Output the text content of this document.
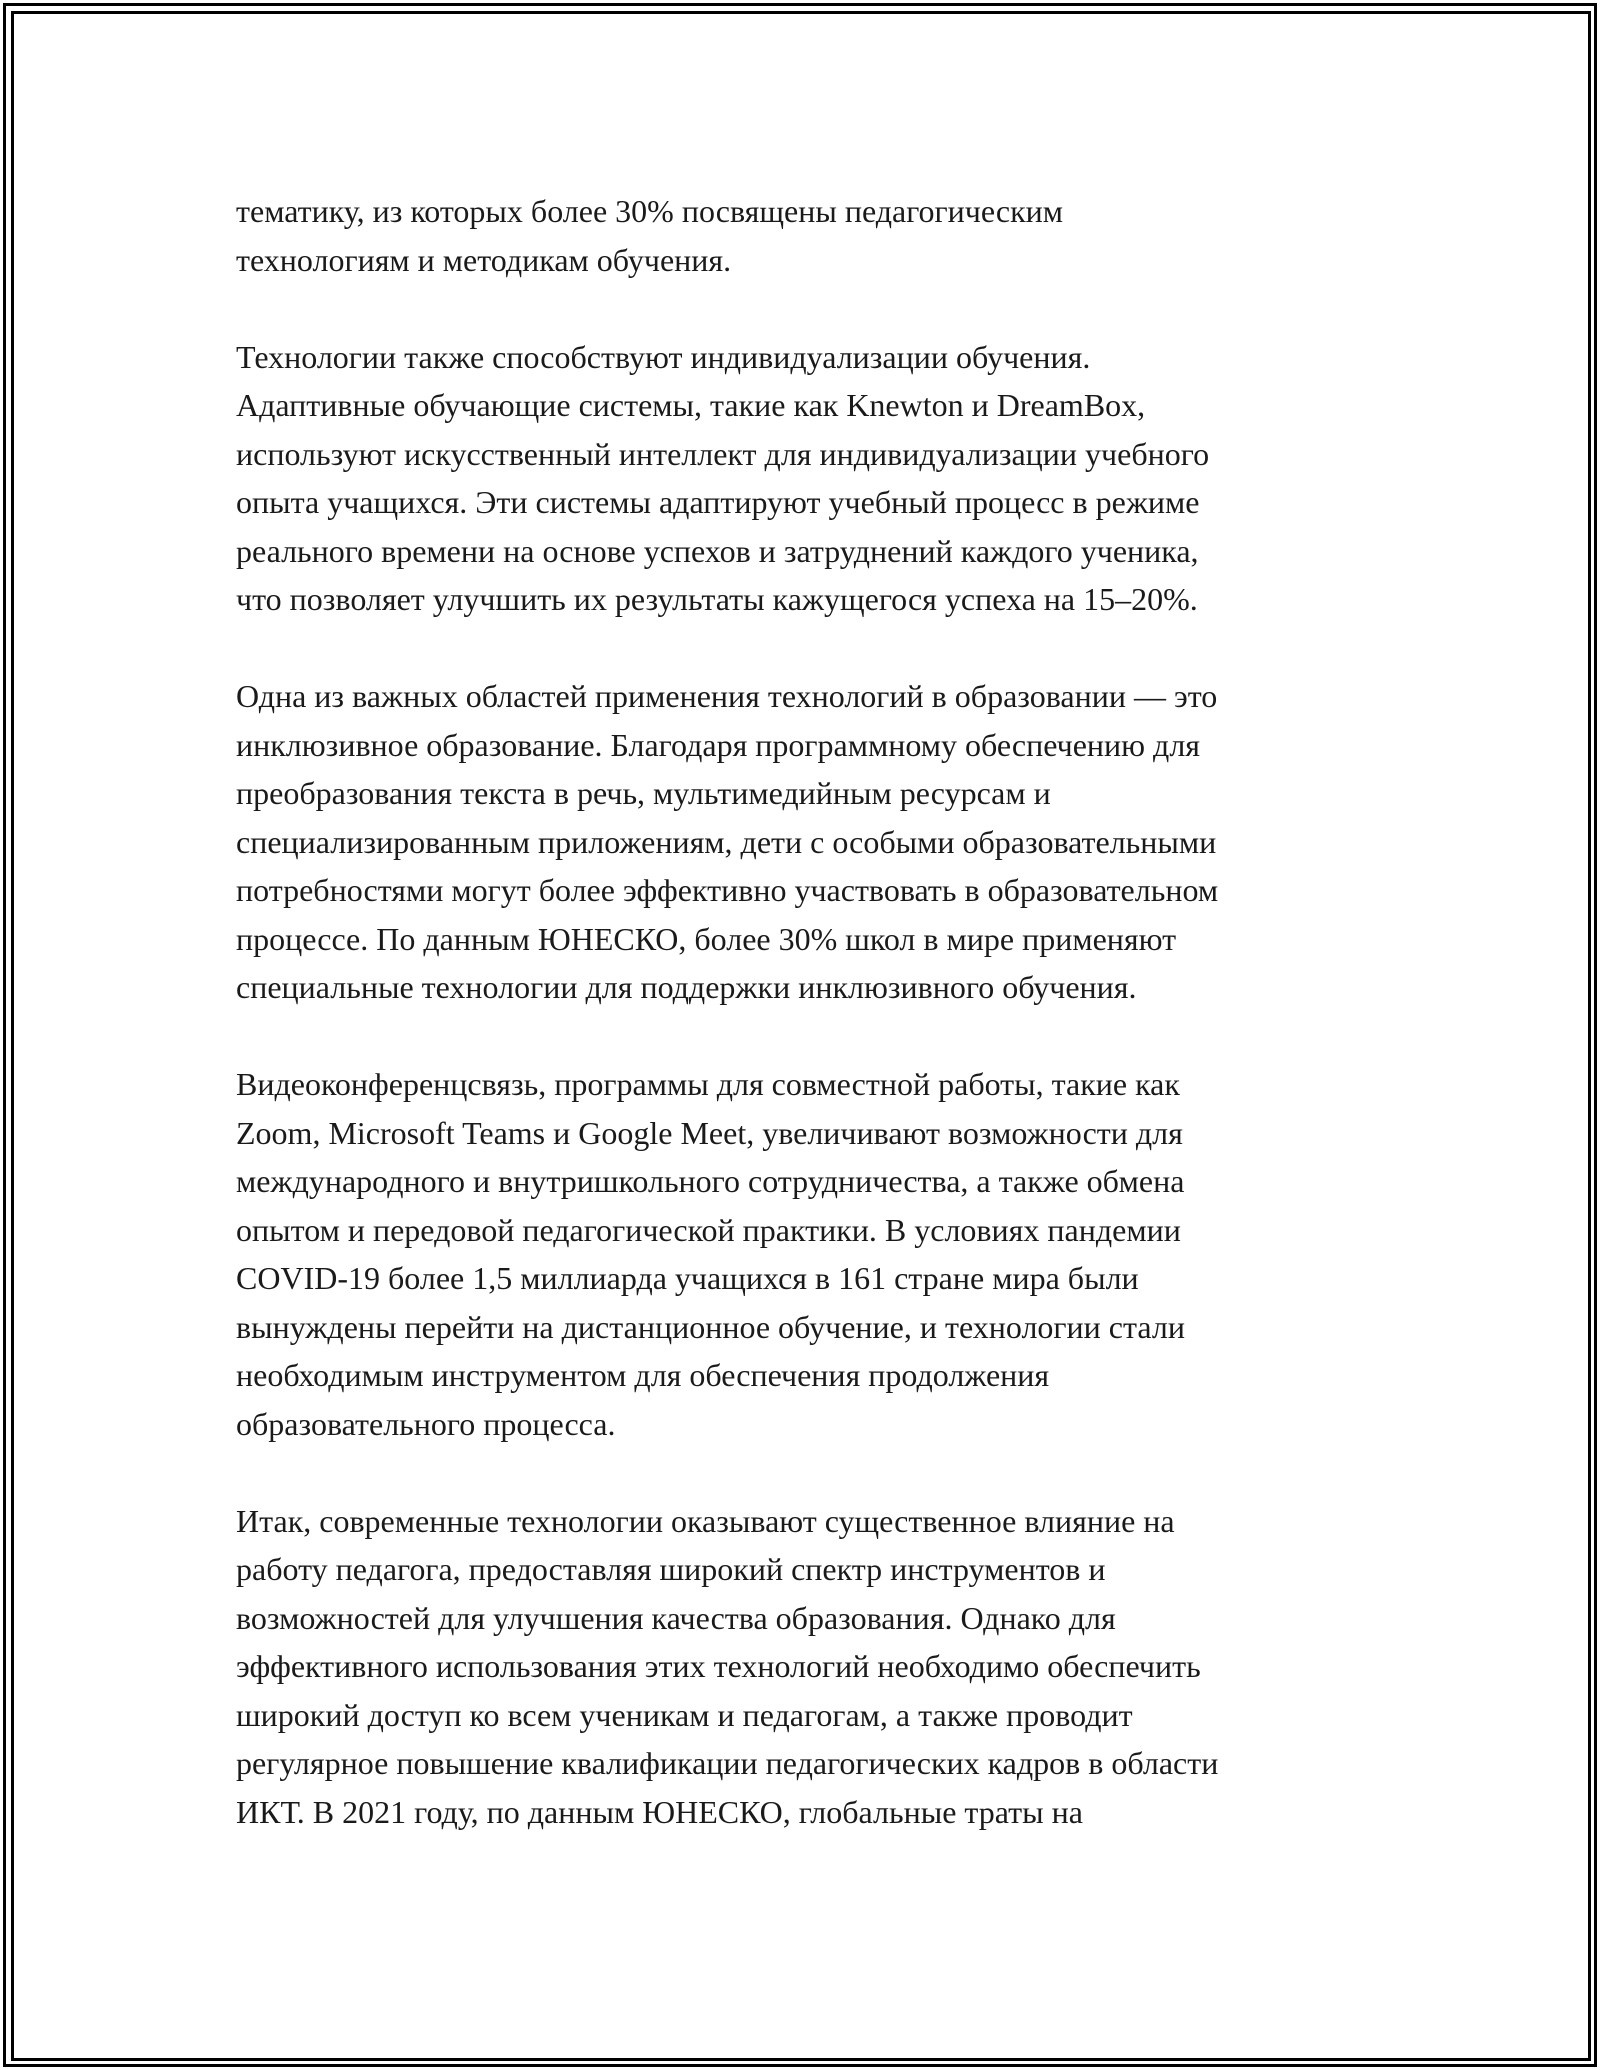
тематику, из которых более 30% посвящены педагогическим
технологиям и методикам обучения.

Технологии также способствуют индивидуализации обучения.
Адаптивные обучающие системы, такие как Knewton и DreamBox,
используют искусственный интеллект для индивидуализации учебного
опыта учащихся. Эти системы адаптируют учебный процесс в режиме
реального времени на основе успехов и затруднений каждого ученика,
что позволяет улучшить их результаты кажущегося успеха на 15–20%.

Одна из важных областей применения технологий в образовании — это
инклюзивное образование. Благодаря программному обеспечению для
преобразования текста в речь, мультимедийным ресурсам и
специализированным приложениям, дети с особыми образовательными
потребностями могут более эффективно участвовать в образовательном
процессе. По данным ЮНЕСКО, более 30% школ в мире применяют
специальные технологии для поддержки инклюзивного обучения.

Видеоконференцсвязь, программы для совместной работы, такие как
Zoom, Microsoft Teams и Google Meet, увеличивают возможности для
международного и внутришкольного сотрудничества, а также обмена
опытом и передовой педагогической практики. В условиях пандемии
COVID-19 более 1,5 миллиарда учащихся в 161 стране мира были
вынуждены перейти на дистанционное обучение, и технологии стали
необходимым инструментом для обеспечения продолжения
образовательного процесса.

Итак, современные технологии оказывают существенное влияние на
работу педагога, предоставляя широкий спектр инструментов и
возможностей для улучшения качества образования. Однако для
эффективного использования этих технологий необходимо обеспечить
широкий доступ ко всем ученикам и педагогам, а также проводит
регулярное повышение квалификации педагогических кадров в области
ИКТ. В 2021 году, по данным ЮНЕСКО, глобальные траты на
